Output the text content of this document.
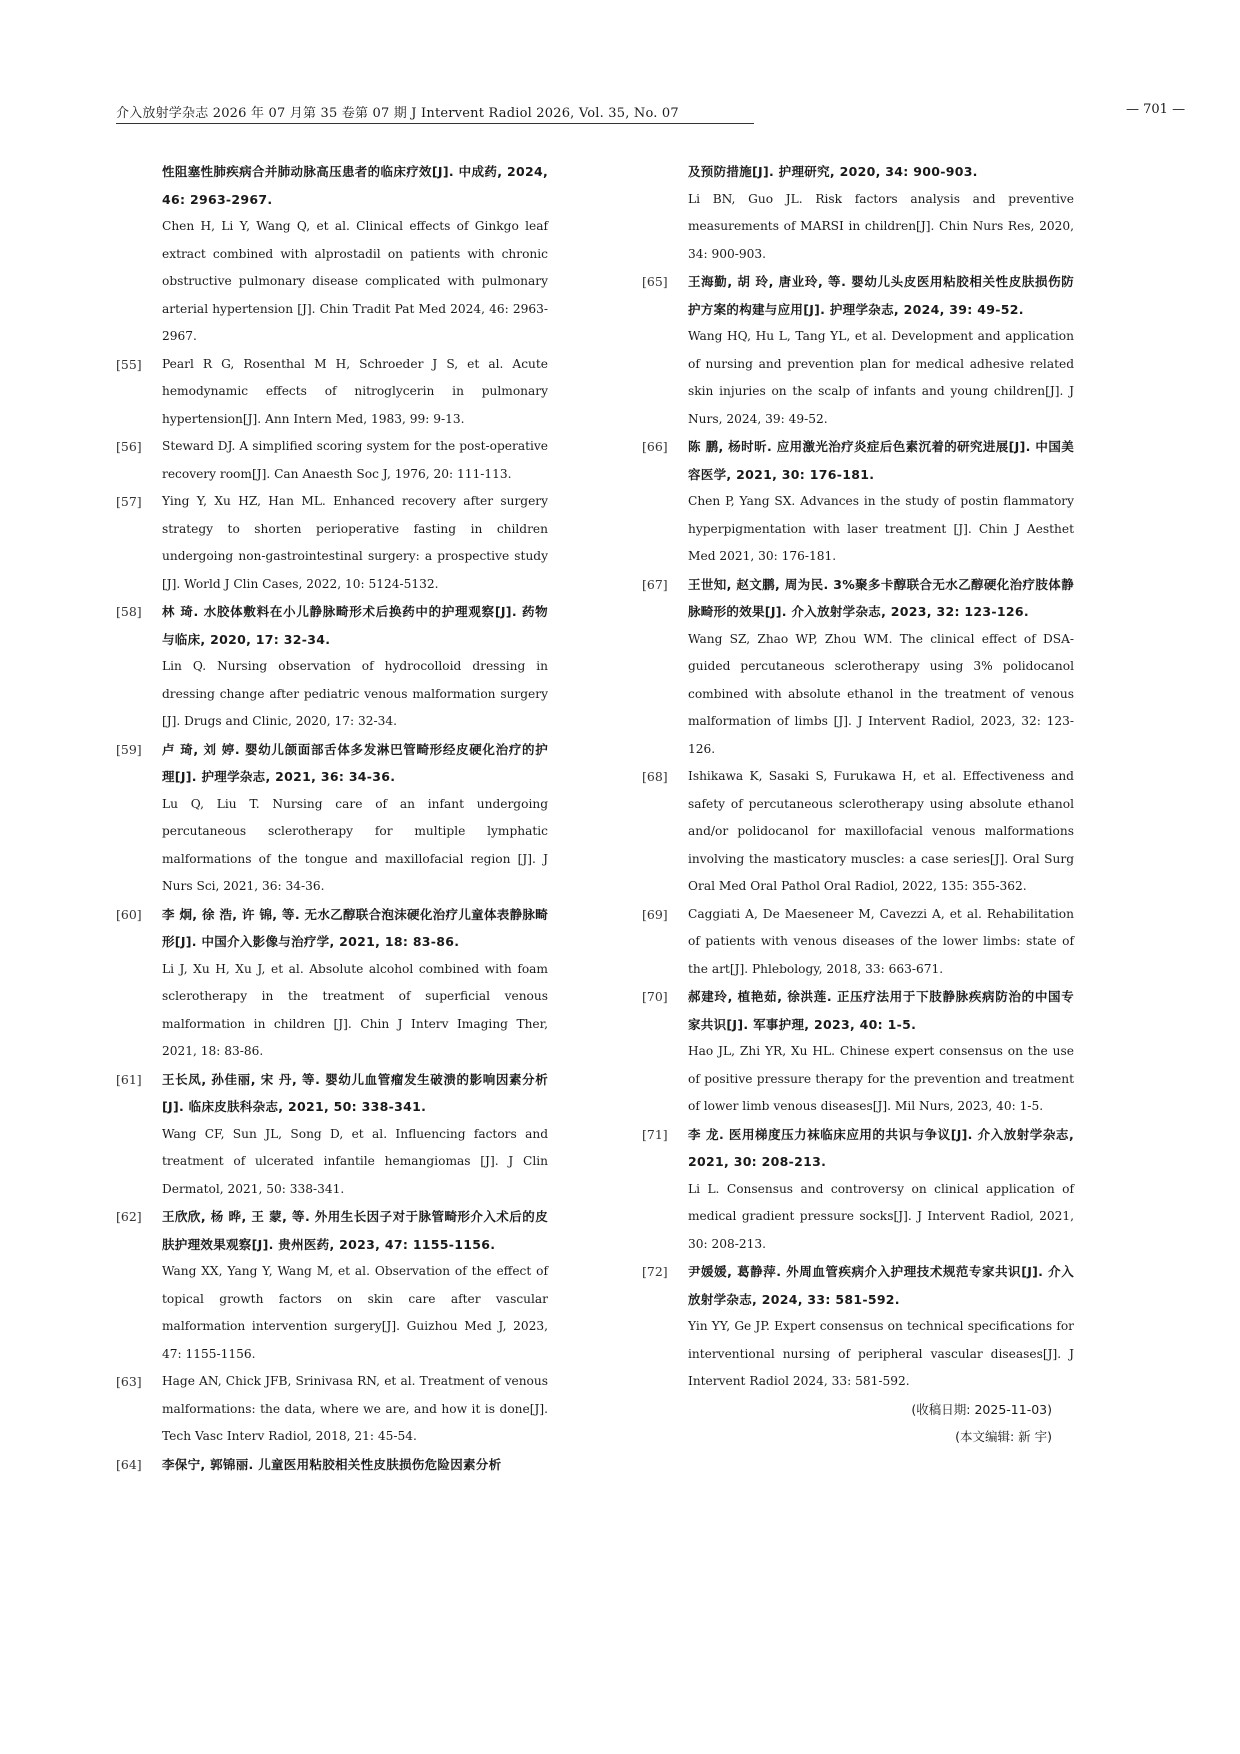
介入放射学杂志 2026 年 07 月第 35 卷第 07 期 J Intervent Radiol 2026, Vol. 35, No. 07	— 701 —

性阻塞性肺疾病合并肺动脉高压患者的临床疗效[J]. 中成药, 2024, 46: 2963-2967.

Chen H, Li Y, Wang Q, et al. Clinical effects of Ginkgo leaf extract combined with alprostadil on patients with chronic obstructive pulmonary disease complicated with pulmonary arterial hypertension [J]. Chin Tradit Pat Med 2024, 46: 2963-2967.

[55] Pearl R G, Rosenthal M H, Schroeder J S, et al. Acute hemodynamic effects of nitroglycerin in pulmonary hypertension[J]. Ann Intern Med, 1983, 99: 9-13.

[56] Steward DJ. A simplified scoring system for the post-operative recovery room[J]. Can Anaesth Soc J, 1976, 20: 111-113.

[57] Ying Y, Xu HZ, Han ML. Enhanced recovery after surgery strategy to shorten perioperative fasting in children undergoing non-gastrointestinal surgery: a prospective study [J]. World J Clin Cases, 2022, 10: 5124-5132.

[58] 林 琦. 水胶体敷料在小儿静脉畸形术后换药中的护理观察[J]. 药物与临床, 2020, 17: 32-34.

Lin Q. Nursing observation of hydrocolloid dressing in dressing change after pediatric venous malformation surgery [J]. Drugs and Clinic, 2020, 17: 32-34.

[59] 卢 琦, 刘 婷. 婴幼儿颌面部舌体多发淋巴管畸形经皮硬化治疗的护理[J]. 护理学杂志, 2021, 36: 34-36.

Lu Q, Liu T. Nursing care of an infant undergoing percutaneous sclerotherapy for multiple lymphatic malformations of the tongue and maxillofacial region [J]. J Nurs Sci, 2021, 36: 34-36.

[60] 李 炯, 徐 浩, 许 锦, 等. 无水乙醇联合泡沫硬化治疗儿童体表静脉畸形[J]. 中国介入影像与治疗学, 2021, 18: 83-86.

Li J, Xu H, Xu J, et al. Absolute alcohol combined with foam sclerotherapy in the treatment of superficial venous malformation in children [J]. Chin J Interv Imaging Ther, 2021, 18: 83-86.

[61] 王长凤, 孙佳丽, 宋 丹, 等. 婴幼儿血管瘤发生破溃的影响因素分析[J]. 临床皮肤科杂志, 2021, 50: 338-341.

Wang CF, Sun JL, Song D, et al. Influencing factors and treatment of ulcerated infantile hemangiomas [J]. J Clin Dermatol, 2021, 50: 338-341.

[62] 王欣欣, 杨 晔, 王 蒙, 等. 外用生长因子对于脉管畸形介入术后的皮肤护理效果观察[J]. 贵州医药, 2023, 47: 1155-1156.

Wang XX, Yang Y, Wang M, et al. Observation of the effect of topical growth factors on skin care after vascular malformation intervention surgery[J]. Guizhou Med J, 2023, 47: 1155-1156.

[63] Hage AN, Chick JFB, Srinivasa RN, et al. Treatment of venous malformations: the data, where we are, and how it is done[J]. Tech Vasc Interv Radiol, 2018, 21: 45-54.

[64] 李保宁, 郭锦丽. 儿童医用粘胶相关性皮肤损伤危险因素分析

及预防措施[J]. 护理研究, 2020, 34: 900-903.

Li BN, Guo JL. Risk factors analysis and preventive measurements of MARSI in children[J]. Chin Nurs Res, 2020, 34: 900-903.

[65] 王海勤, 胡 玲, 唐业玲, 等. 婴幼儿头皮医用粘胶相关性皮肤损伤防护方案的构建与应用[J]. 护理学杂志, 2024, 39: 49-52.

Wang HQ, Hu L, Tang YL, et al. Development and application of nursing and prevention plan for medical adhesive related skin injuries on the scalp of infants and young children[J]. J Nurs, 2024, 39: 49-52.

[66] 陈 鹏, 杨时昕. 应用激光治疗炎症后色素沉着的研究进展[J]. 中国美容医学, 2021, 30: 176-181.

Chen P, Yang SX. Advances in the study of postin flammatory hyperpigmentation with laser treatment [J]. Chin J Aesthet Med 2021, 30: 176-181.

[67] 王世知, 赵文鹏, 周为民. 3%聚多卡醇联合无水乙醇硬化治疗肢体静脉畸形的效果[J]. 介入放射学杂志, 2023, 32: 123-126.

Wang SZ, Zhao WP, Zhou WM. The clinical effect of DSA-guided percutaneous sclerotherapy using 3% polidocanol combined with absolute ethanol in the treatment of venous malformation of limbs [J]. J Intervent Radiol, 2023, 32: 123-126.

[68] Ishikawa K, Sasaki S, Furukawa H, et al. Effectiveness and safety of percutaneous sclerotherapy using absolute ethanol and/or polidocanol for maxillofacial venous malformations involving the masticatory muscles: a case series[J]. Oral Surg Oral Med Oral Pathol Oral Radiol, 2022, 135: 355-362.

[69] Caggiati A, De Maeseneer M, Cavezzi A, et al. Rehabilitation of patients with venous diseases of the lower limbs: state of the art[J]. Phlebology, 2018, 33: 663-671.

[70] 郝建玲, 植艳茹, 徐洪莲. 正压疗法用于下肢静脉疾病防治的中国专家共识[J]. 军事护理, 2023, 40: 1-5.

Hao JL, Zhi YR, Xu HL. Chinese expert consensus on the use of positive pressure therapy for the prevention and treatment of lower limb venous diseases[J]. Mil Nurs, 2023, 40: 1-5.

[71] 李 龙. 医用梯度压力袜临床应用的共识与争议[J]. 介入放射学杂志, 2021, 30: 208-213.

Li L. Consensus and controversy on clinical application of medical gradient pressure socks[J]. J Intervent Radiol, 2021, 30: 208-213.

[72] 尹媛媛, 葛静萍. 外周血管疾病介入护理技术规范专家共识[J]. 介入放射学杂志, 2024, 33: 581-592.

Yin YY, Ge JP. Expert consensus on technical specifications for interventional nursing of peripheral vascular diseases[J]. J Intervent Radiol 2024, 33: 581-592.

(收稿日期: 2025-11-03)

(本文编辑: 新 宇)
